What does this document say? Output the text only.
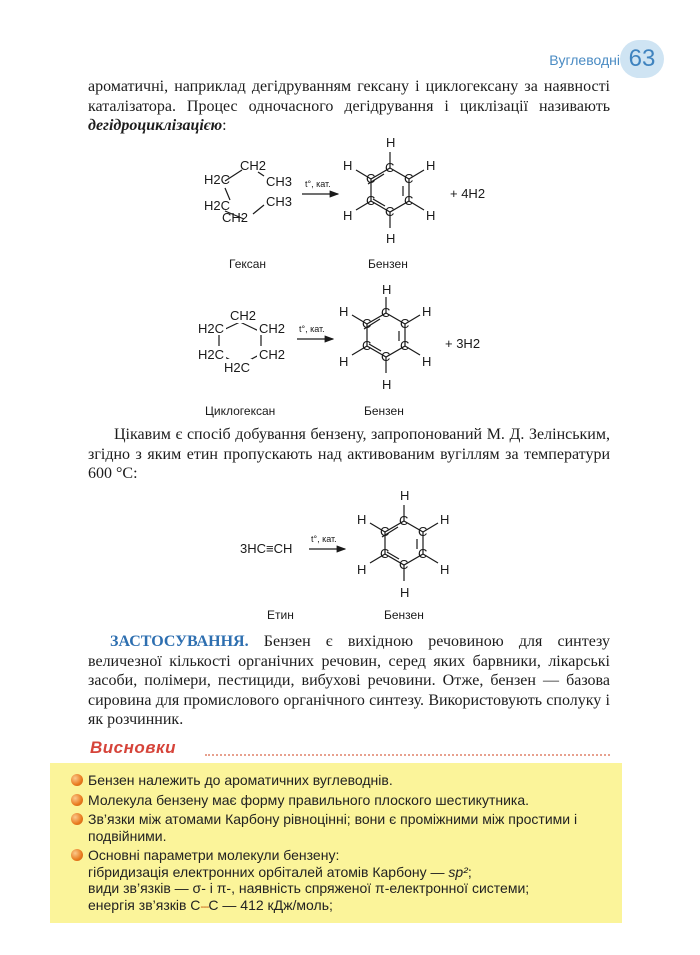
Вуглеводні 63
ароматичні, наприклад дегідруванням гексану і циклогексану за наявності каталізатора. Процес одночасного дегідрування і циклізації називають дегідроциклізацією:
H2C
CH2
CH3
H2C
CH2
CH3
t°, кат.
+ 4H2
Гексан	Бензен
H
H
H
H
H
H	C
C
C
C
C
C
CH2
H2C	CH2
H2C	CH2
H2C
t°, кат.
+ 3H2
Циклогексан	Бензен
H
H
H
H
H
H	C
C
C
C
C
C
3HC≡CH
t°, кат.
Етин	Бензен
H
H
H
H
H
H	C
C
C
C
C
C
Цікавим є спосіб добування бензену, запропонований М. Д. Зелінським, згідно з яким етин пропускають над активованим вугіллям за температури 600 °С:
ЗАСТОСУВАННЯ. Бензен є вихідною речовиною для синтезу величезної кількості органічних речовин, серед яких барвники, лікарські засоби, полімери, пестициди, вибухові речовини. Отже, бензен — базова сировина для промислового органічного синтезу. Використовують сполуку і як розчинник.
Висновки
Бензен належить до ароматичних вуглеводнів.
Молекула бензену має форму правильного плоского шестикутника.
Зв’язки між атомами Карбону рівноцінні; вони є проміжними між простими і подвійними.
Основні параметри молекули бензену:
гібридизація електронних орбіталей атомів Карбону — sp²;
види зв’язків — σ- і π-, наявність спряженої π-електронної системи;
енергія зв’язків С---С — 412 кДж/моль;
